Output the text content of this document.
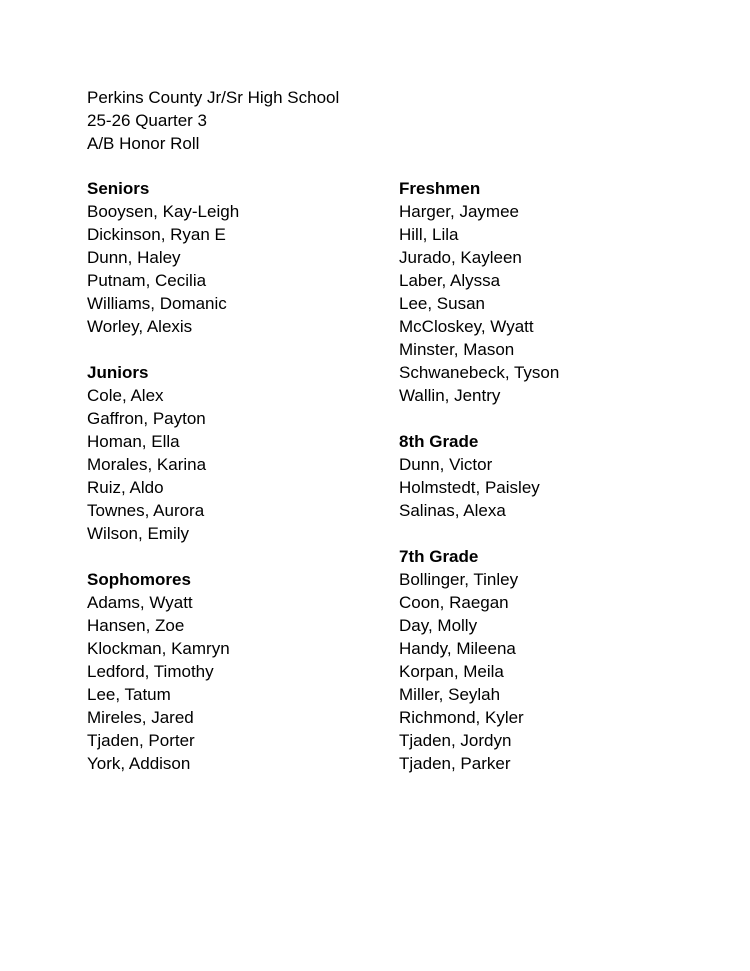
Perkins County Jr/Sr High School
25-26 Quarter 3
A/B Honor Roll
Seniors
Booysen, Kay-Leigh
Dickinson, Ryan E
Dunn, Haley
Putnam, Cecilia
Williams, Domanic
Worley, Alexis
Juniors
Cole, Alex
Gaffron, Payton
Homan, Ella
Morales, Karina
Ruiz, Aldo
Townes, Aurora
Wilson, Emily
Sophomores
Adams, Wyatt
Hansen, Zoe
Klockman, Kamryn
Ledford, Timothy
Lee, Tatum
Mireles, Jared
Tjaden, Porter
York, Addison
Freshmen
Harger, Jaymee
Hill, Lila
Jurado, Kayleen
Laber, Alyssa
Lee, Susan
McCloskey, Wyatt
Minster, Mason
Schwanebeck, Tyson
Wallin, Jentry
8th Grade
Dunn, Victor
Holmstedt, Paisley
Salinas, Alexa
7th Grade
Bollinger, Tinley
Coon, Raegan
Day, Molly
Handy, Mileena
Korpan, Meila
Miller, Seylah
Richmond, Kyler
Tjaden, Jordyn
Tjaden, Parker
